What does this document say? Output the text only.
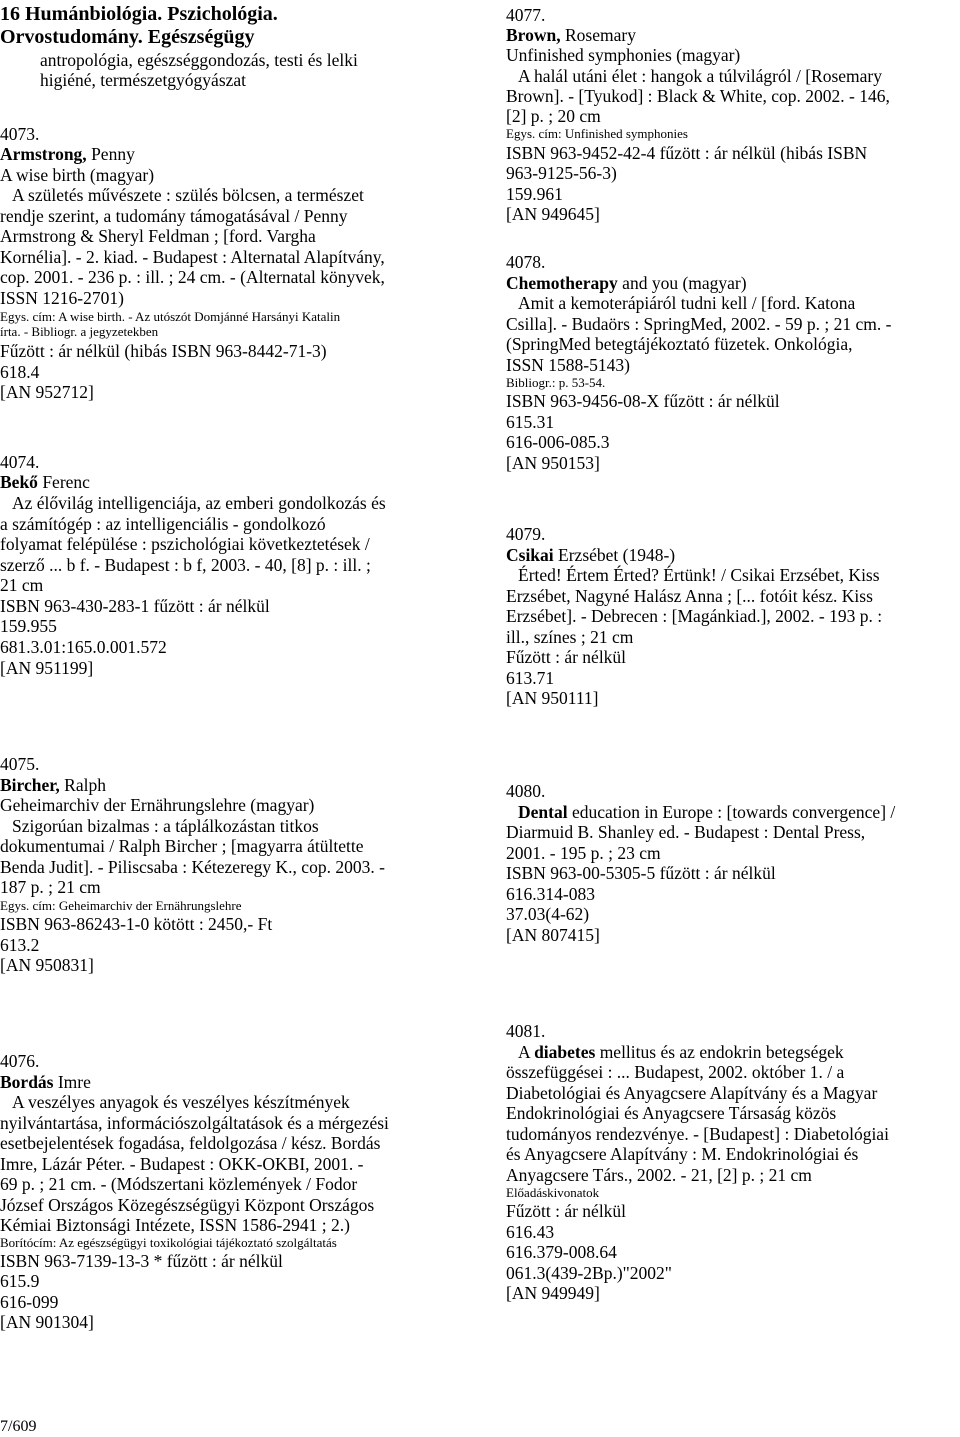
16 Humánbiológia. Pszichológia.
Orvostudomány. Egészségügy
antropológia, egészséggondozás, testi és lelki
higiéné, természetgyógyászat
4073.
Armstrong, Penny
A wise birth (magyar)
A születés művészete : szülés bölcsen, a természet
rendje szerint, a tudomány támogatásával / Penny
Armstrong & Sheryl Feldman ; [ford. Vargha
Kornélia]. - 2. kiad. - Budapest : Alternatal Alapítvány,
cop. 2001. - 236 p. : ill. ; 24 cm. - (Alternatal könyvek,
ISSN 1216-2701)
Egys. cím: A wise birth. - Az utószót Domjánné Harsányi Katalin
írta. - Bibliogr. a jegyzetekben
Fűzött : ár nélkül (hibás ISBN 963-8442-71-3)
618.4
[AN 952712]
4074.
Bekő Ferenc
Az élővilág intelligenciája, az emberi gondolkozás és
a számítógép : az intelligenciális - gondolkozó
folyamat felépülése : pszichológiai következtetések /
szerző ... b f. - Budapest : b f, 2003. - 40, [8] p. : ill. ;
21 cm
ISBN 963-430-283-1 fűzött : ár nélkül
159.955
681.3.01:165.0.001.572
[AN 951199]
4075.
Bircher, Ralph
Geheimarchiv der Ernährungslehre (magyar)
Szigorúan bizalmas : a táplálkozástan titkos
dokumentumai / Ralph Bircher ; [magyarra átültette
Benda Judit]. - Piliscsaba : Kétezeregy K., cop. 2003. -
187 p. ; 21 cm
Egys. cím: Geheimarchiv der Ernährungslehre
ISBN 963-86243-1-0 kötött : 2450,- Ft
613.2
[AN 950831]
4076.
Bordás Imre
A veszélyes anyagok és veszélyes készítmények
nyilvántartása, információszolgáltatások és a mérgezési
esetbejelentések fogadása, feldolgozása / kész. Bordás
Imre, Lázár Péter. - Budapest : OKK-OKBI, 2001. -
69 p. ; 21 cm. - (Módszertani közlemények / Fodor
József Országos Közegészségügyi Központ Országos
Kémiai Biztonsági Intézete, ISSN 1586-2941 ; 2.)
Borítócím: Az egészségügyi toxikológiai tájékoztató szolgáltatás
ISBN 963-7139-13-3 * fűzött : ár nélkül
615.9
616-099
[AN 901304]
4077.
Brown, Rosemary
Unfinished symphonies (magyar)
A halál utáni élet : hangok a túlvilágról / [Rosemary
Brown]. - [Tyukod] : Black & White, cop. 2002. - 146,
[2] p. ; 20 cm
Egys. cím: Unfinished symphonies
ISBN 963-9452-42-4 fűzött : ár nélkül (hibás ISBN
963-9125-56-3)
159.961
[AN 949645]
4078.
Chemotherapy and you (magyar)
Amit a kemoterápiáról tudni kell / [ford. Katona
Csilla]. - Budaörs : SpringMed, 2002. - 59 p. ; 21 cm. -
(SpringMed betegtájékoztató füzetek. Onkológia,
ISSN 1588-5143)
Bibliogr.: p. 53-54.
ISBN 963-9456-08-X fűzött : ár nélkül
615.31
616-006-085.3
[AN 950153]
4079.
Csikai Erzsébet (1948-)
Érted! Értem Érted? Értünk! / Csikai Erzsébet, Kiss
Erzsébet, Nagyné Halász Anna ; [... fotóit kész. Kiss
Erzsébet]. - Debrecen : [Magánkiad.], 2002. - 193 p. :
ill., színes ; 21 cm
Fűzött : ár nélkül
613.71
[AN 950111]
4080.
Dental education in Europe : [towards convergence] /
Diarmuid B. Shanley ed. - Budapest : Dental Press,
2001. - 195 p. ; 23 cm
ISBN 963-00-5305-5 fűzött : ár nélkül
616.314-083
37.03(4-62)
[AN 807415]
4081.
A diabetes mellitus és az endokrin betegségek
összefüggései : ... Budapest, 2002. október 1. / a
Diabetológiai és Anyagcsere Alapítvány és a Magyar
Endokrinológiai és Anyagcsere Társaság közös
tudományos rendezvénye. - [Budapest] : Diabetológiai
és Anyagcsere Alapítvány : M. Endokrinológiai és
Anyagcsere Társ., 2002. - 21, [2] p. ; 21 cm
Előadáskivonatok
Fűzött : ár nélkül
616.43
616.379-008.64
061.3(439-2Bp.)"2002"
[AN 949949]
7/609
